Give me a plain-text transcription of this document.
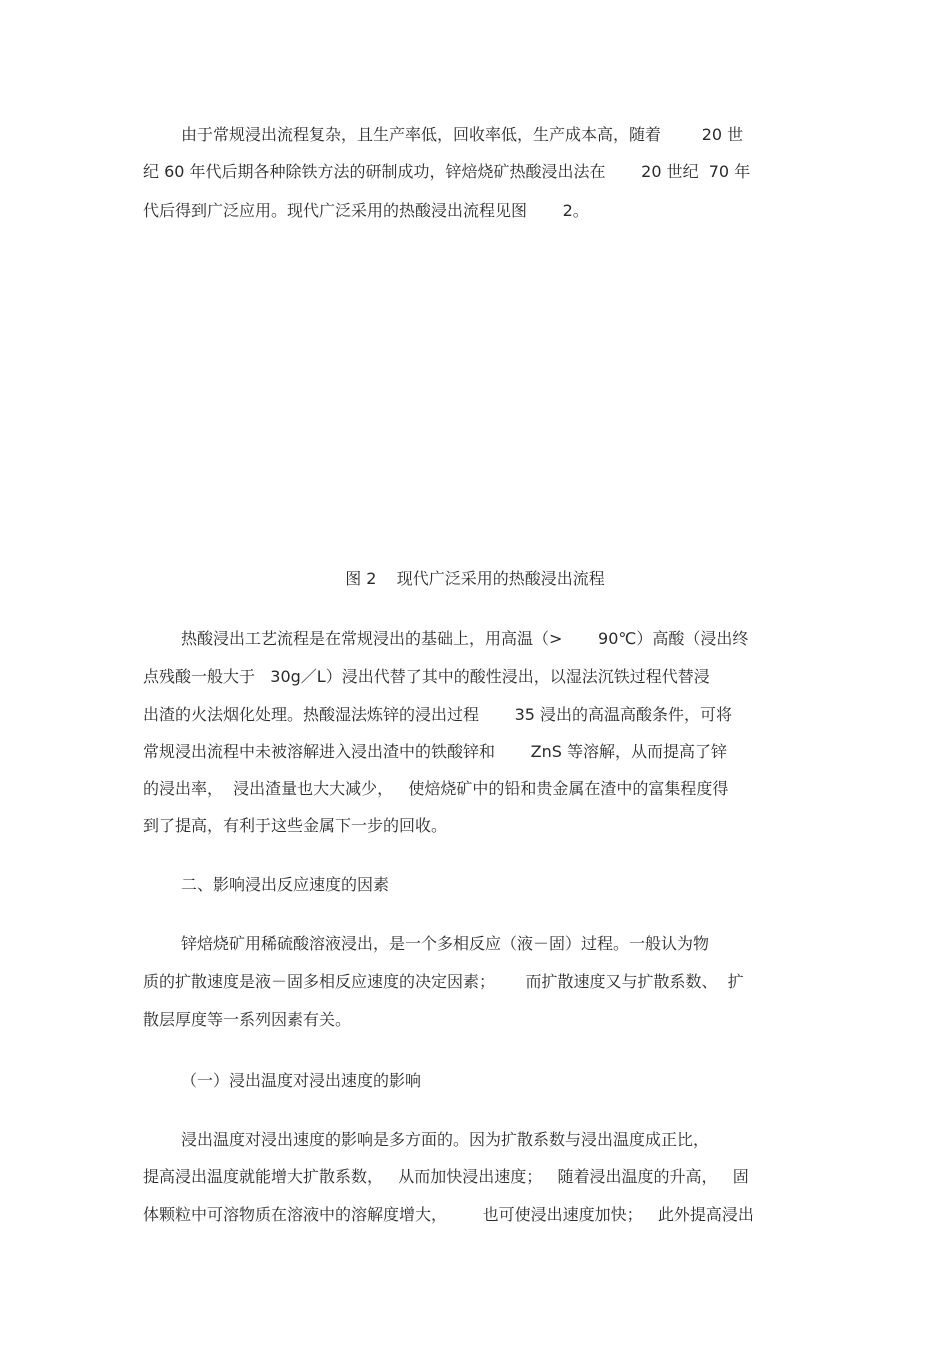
由于常规浸出流程复杂，且生产率低，回收率低，生产成本高，随着        20 世

纪 60 年代后期各种除铁方法的研制成功，锌焙烧矿热酸浸出法在       20 世纪  70 年

代后得到广泛应用。现代广泛采用的热酸浸出流程见图       2。

图 2    现代广泛采用的热酸浸出流程

热酸浸出工艺流程是在常规浸出的基础上，用高温（>       90℃）高酸（浸出终

点残酸一般大于   30g／L）浸出代替了其中的酸性浸出，以湿法沉铁过程代替浸

出渣的火法烟化处理。热酸湿法炼锌的浸出过程       35 浸出的高温高酸条件，可将

常规浸出流程中未被溶解进入浸出渣中的铁酸锌和       ZnS 等溶解，从而提高了锌

的浸出率，  浸出渣量也大大减少，   使焙烧矿中的铅和贵金属在渣中的富集程度得

到了提高，有利于这些金属下一步的回收。

二、影响浸出反应速度的因素

锌焙烧矿用稀硫酸溶液浸出，是一个多相反应（液－固）过程。一般认为物

质的扩散速度是液－固多相反应速度的决定因素；      而扩散速度又与扩散系数、  扩

散层厚度等一系列因素有关。

（一）浸出温度对浸出速度的影响

浸出温度对浸出速度的影响是多方面的。因为扩散系数与浸出温度成正比，

提高浸出温度就能增大扩散系数，   从而加快浸出速度；   随着浸出温度的升高，   固

体颗粒中可溶物质在溶液中的溶解度增大，       也可使浸出速度加快；   此外提高浸出
